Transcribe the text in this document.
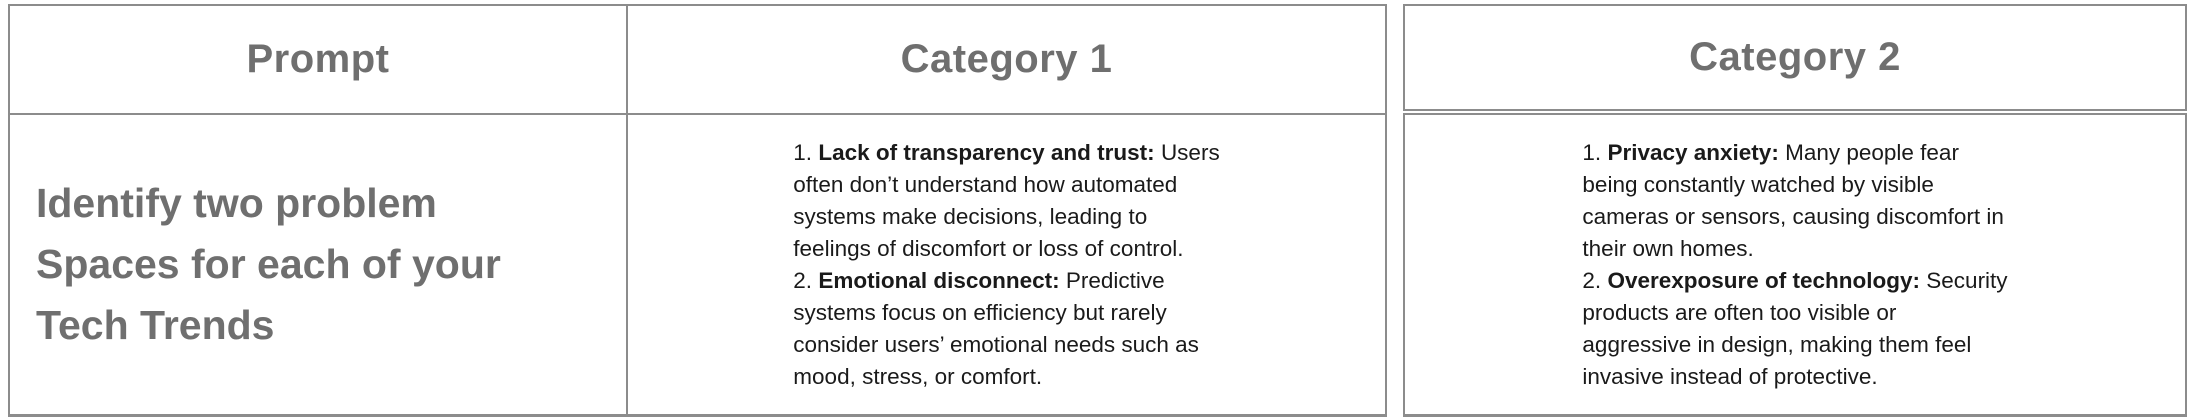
Prompt	Category 1	Category 2
Identify two problem
Spaces for each of your
Tech Trends
1. Lack of transparency and trust: Users
often don’t understand how automated
systems make decisions, leading to
feelings of discomfort or loss of control.
2. Emotional disconnect: Predictive
systems focus on efficiency but rarely
consider users’ emotional needs such as
mood, stress, or comfort.
1. Privacy anxiety: Many people fear
being constantly watched by visible
cameras or sensors, causing discomfort in
their own homes.
2. Overexposure of technology: Security
products are often too visible or
aggressive in design, making them feel
invasive instead of protective.
